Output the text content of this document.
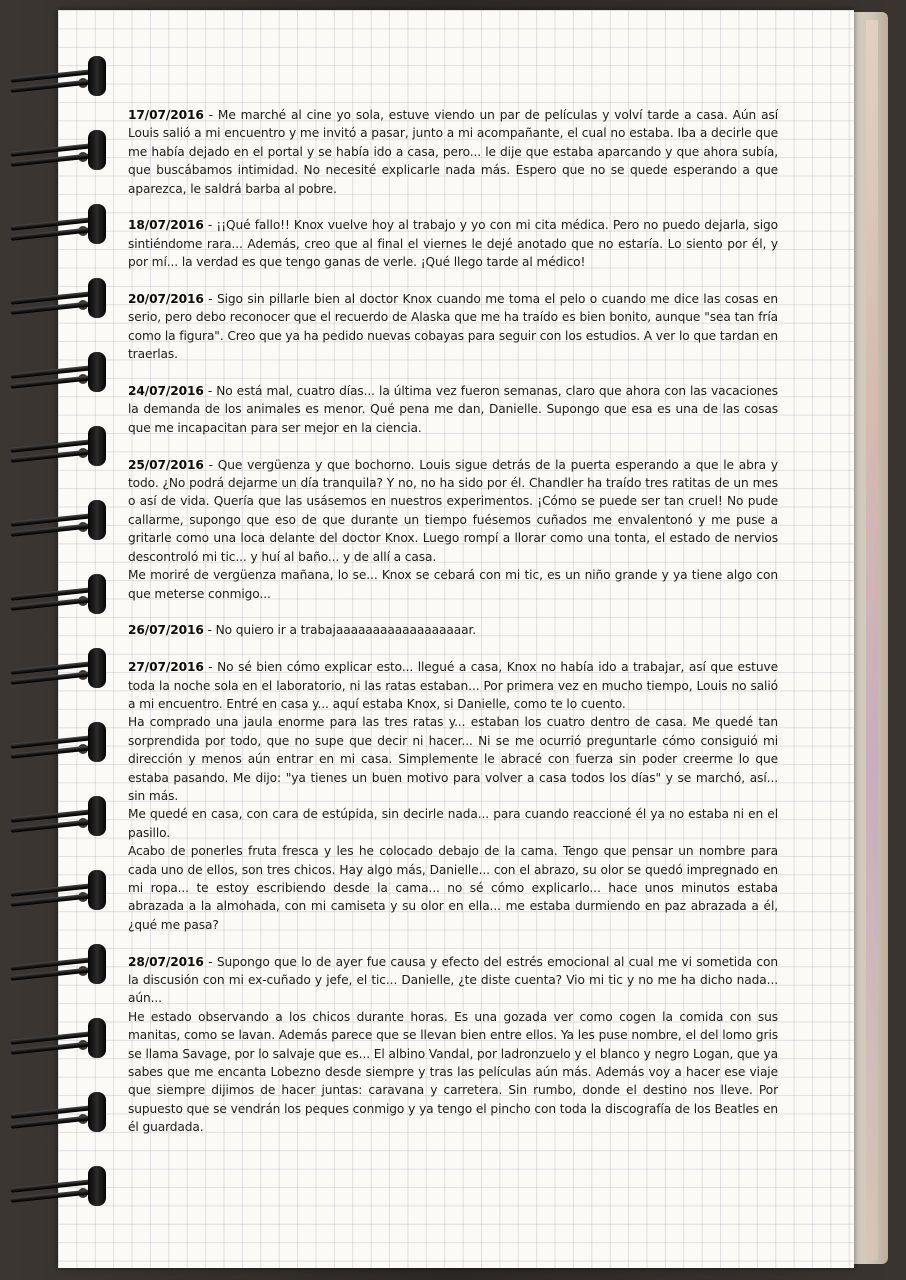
17/07/2016 - Me marché al cine yo sola, estuve viendo un par de películas y volví tarde a casa. Aún así Louis salió a mi encuentro y me invitó a pasar, junto a mi acompañante, el cual no estaba. Iba a decirle que me había dejado en el portal y se había ido a casa, pero... le dije que estaba aparcando y que ahora subía, que buscábamos intimidad. No necesité explicarle nada más. Espero que no se quede esperando a que aparezca, le saldrá barba al pobre.

18/07/2016 - ¡¡Qué fallo!! Knox vuelve hoy al trabajo y yo con mi cita médica. Pero no puedo dejarla, sigo sintiéndome rara... Además, creo que al final el viernes le dejé anotado que no estaría. Lo siento por él, y por mí... la verdad es que tengo ganas de verle. ¡Qué llego tarde al médico!

20/07/2016 - Sigo sin pillarle bien al doctor Knox cuando me toma el pelo o cuando me dice las cosas en serio, pero debo reconocer que el recuerdo de Alaska que me ha traído es bien bonito, aunque "sea tan fría como la figura". Creo que ya ha pedido nuevas cobayas para seguir con los estudios. A ver lo que tardan en traerlas.

24/07/2016 - No está mal, cuatro días... la última vez fueron semanas, claro que ahora con las vacaciones la demanda de los animales es menor. Qué pena me dan, Danielle. Supongo que esa es una de las cosas que me incapacitan para ser mejor en la ciencia.

25/07/2016 - Que vergüenza y que bochorno. Louis sigue detrás de la puerta esperando a que le abra y todo. ¿No podrá dejarme un día tranquila? Y no, no ha sido por él. Chandler ha traído tres ratitas de un mes o así de vida. Quería que las usásemos en nuestros experimentos. ¡Cómo se puede ser tan cruel! No pude callarme, supongo que eso de que durante un tiempo fuésemos cuñados me envalentonó y me puse a gritarle como una loca delante del doctor Knox. Luego rompí a llorar como una tonta, el estado de nervios descontroló mi tic... y huí al baño... y de allí a casa.

Me moriré de vergüenza mañana, lo se... Knox se cebará con mi tic, es un niño grande y ya tiene algo con que meterse conmigo...

26/07/2016 - No quiero ir a trabajaaaaaaaaaaaaaaaaaar.

27/07/2016 - No sé bien cómo explicar esto... llegué a casa, Knox no había ido a trabajar, así que estuve toda la noche sola en el laboratorio, ni las ratas estaban... Por primera vez en mucho tiempo, Louis no salió a mi encuentro. Entré en casa y... aquí estaba Knox, si Danielle, como te lo cuento.

Ha comprado una jaula enorme para las tres ratas y... estaban los cuatro dentro de casa. Me quedé tan sorprendida por todo, que no supe que decir ni hacer... Ni se me ocurrió preguntarle cómo consiguió mi dirección y menos aún entrar en mi casa. Simplemente le abracé con fuerza sin poder creerme lo que estaba pasando. Me dijo: "ya tienes un buen motivo para volver a casa todos los días" y se marchó, así... sin más.

Me quedé en casa, con cara de estúpida, sin decirle nada... para cuando reaccioné él ya no estaba ni en el pasillo.

Acabo de ponerles fruta fresca y les he colocado debajo de la cama. Tengo que pensar un nombre para cada uno de ellos, son tres chicos. Hay algo más, Danielle... con el abrazo, su olor se quedó impregnado en mi ropa... te estoy escribiendo desde la cama... no sé cómo explicarlo... hace unos minutos estaba abrazada a la almohada, con mi camiseta y su olor en ella... me estaba durmiendo en paz abrazada a él, ¿qué me pasa?

28/07/2016 - Supongo que lo de ayer fue causa y efecto del estrés emocional al cual me vi sometida con la discusión con mi ex-cuñado y jefe, el tic... Danielle, ¿te diste cuenta? Vio mi tic y no me ha dicho nada... aún...

He estado observando a los chicos durante horas. Es una gozada ver como cogen la comida con sus manitas, como se lavan. Además parece que se llevan bien entre ellos. Ya les puse nombre, el del lomo gris se llama Savage, por lo salvaje que es... El albino Vandal, por ladronzuelo y el blanco y negro Logan, que ya sabes que me encanta Lobezno desde siempre y tras las películas aún más. Además voy a hacer ese viaje que siempre dijimos de hacer juntas: caravana y carretera. Sin rumbo, donde el destino nos lleve. Por supuesto que se vendrán los peques conmigo y ya tengo el pincho con toda la discografía de los Beatles en él guardada.
